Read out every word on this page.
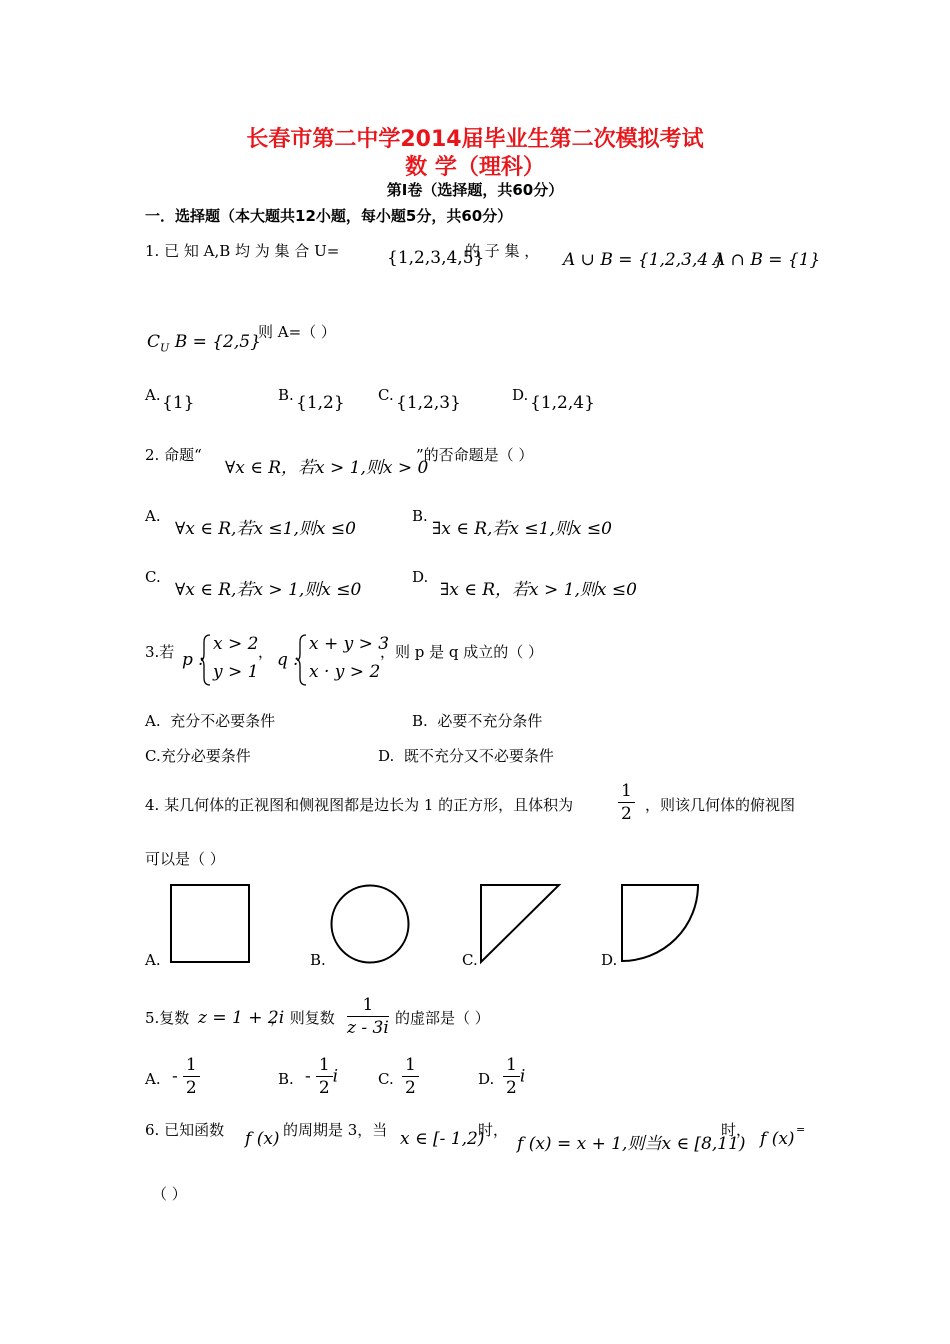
长春市第二中学2014届毕业生第二次模拟考试
数 学（理科）
第Ⅰ卷（选择题，共60分）
一．选择题（本大题共12小题，每小题5分，共60分）
1. 已 知 A,B 均 为 集 合 U=	{1,2,3,4,5}
的 子 集 ， A ∪ B = {1,2,3,4 }
A ∩ B = {1}
$C_U$ B = {2,5}
则 A=（ ）
A. {1}	B. {1,2} C. {1,2,3}	D. {1,2,4}
2. 命题“
∀x ∈ R，若x > 1,则x > 0
”的否命题是（ ）
A.
∀x ∈ R,若x ≤1,则x ≤0
B.
∃x ∈ R,若x ≤1,则x ≤0
C.
∀x ∈ R,若x > 1,则x ≤0
D.
∃x ∈ R，若x > 1,则x ≤0
3.若 p :
x > 2
y > 1
， q :
x + y > 3
x · y > 2
，则 p 是 q 成立的（ ）
A. 充分不必要条件	B. 必要不充分条件
C.充分必要条件	D. 既不充分又不必要条件
4. 某几何体的正视图和侧视图都是边长为 1 的正方形，且体积为	$\frac{1}{2}$ ，则该几何体的俯视图
可以是（ ）
A.	B.	C.	D.
5.复数 z = 1 + 2i
， 则复数 $\frac{1}{z - 3i}$ 的虚部是（ ）
A. - $\frac{1}{2}$	B. - $\frac{1}{2}$ i	C. $\frac{1}{2}$	D. $\frac{1}{2}$ i
6. 已知函数 f (x) 的周期是 3，当 x ∈ [- 1,2)
时，
f (x) = x + 1,则当x ∈ [8,11)
时， f (x) =
（ ）
